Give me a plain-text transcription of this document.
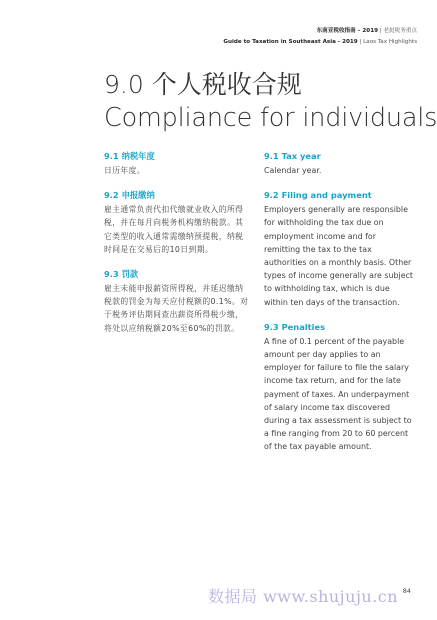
东南亚税收指南 – 2019 | 老挝税务重点
Guide to Taxation in Southeast Asia - 2019 | Laos Tax Highlights
9.0 个人税收合规
Compliance for individuals
9.1 纳税年度

日历年度。

9.2 申报缴纳

雇主通常负责代扣代缴就业收入的所得税，并在每月向税务机构缴纳税款。其它类型的收入通常需缴纳预提税，纳税时间是在交易后的10日到期。

9.3 罚款

雇主未能申报薪资所得税，并延迟缴纳税款的罚金为每天应付税额的0.1%。对于税务评估期间查出薪资所得税少缴，将处以应纳税额20%至60%的罚款。

9.1 Tax year

Calendar year.

9.2 Filing and payment

Employers generally are responsible for withholding the tax due on employment income and for remitting the tax to the tax authorities on a monthly basis. Other types of income generally are subject to withholding tax, which is due within ten days of the transaction.

9.3 Penalties

A fine of 0.1 percent of the payable amount per day applies to an employer for failure to file the salary income tax return, and for the late payment of taxes. An underpayment of salary income tax discovered during a tax assessment is subject to a fine ranging from 20 to 60 percent of the tax payable amount.

数据局 www.shujuju.cn 84
